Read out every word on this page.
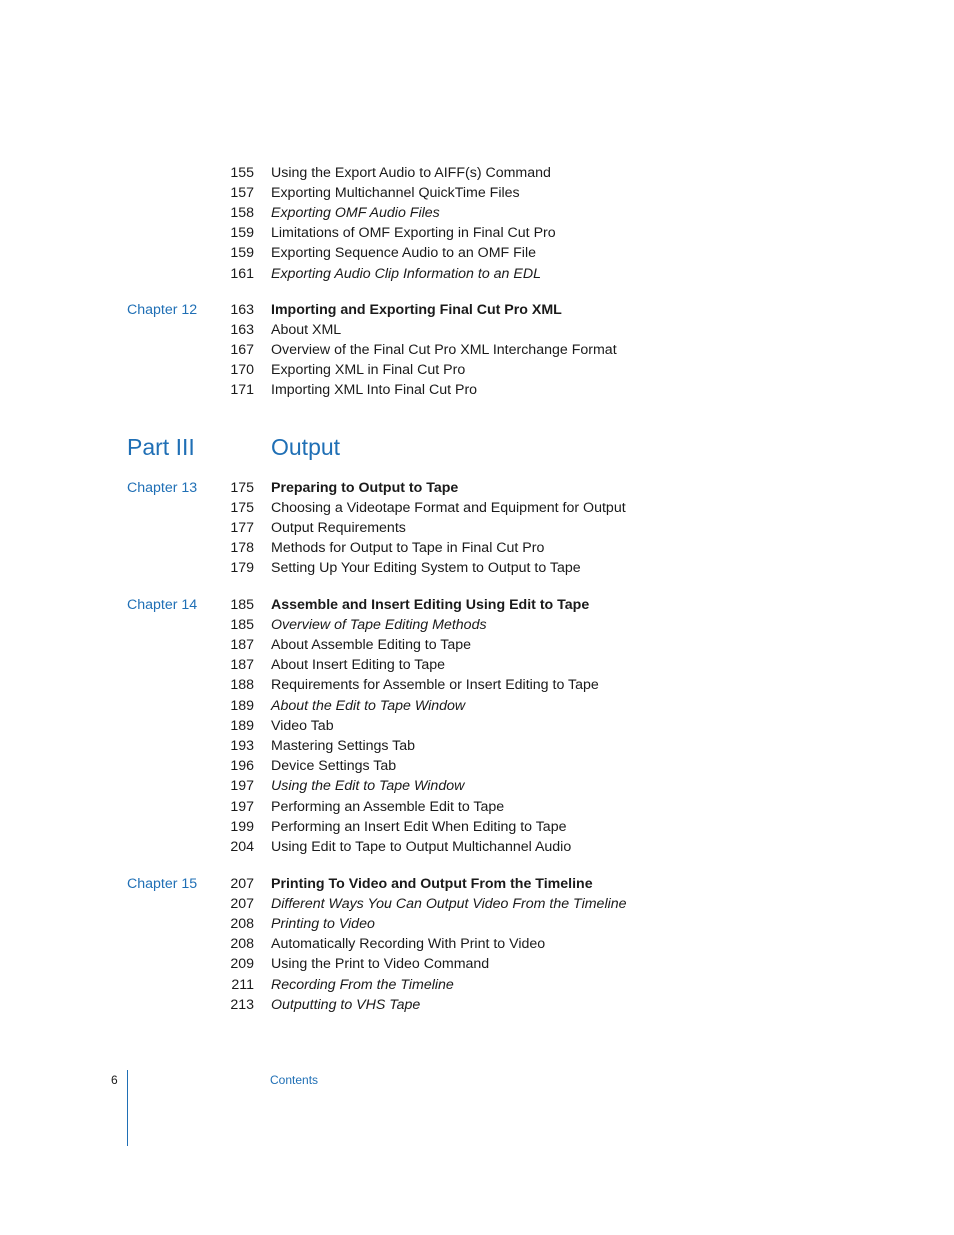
155 Using the Export Audio to AIFF(s) Command
157 Exporting Multichannel QuickTime Files
158 Exporting OMF Audio Files
159 Limitations of OMF Exporting in Final Cut Pro
159 Exporting Sequence Audio to an OMF File
161 Exporting Audio Clip Information to an EDL
Chapter 12 163 Importing and Exporting Final Cut Pro XML
163 About XML
167 Overview of the Final Cut Pro XML Interchange Format
170 Exporting XML in Final Cut Pro
171 Importing XML Into Final Cut Pro
Chapter 13 175 Preparing to Output to Tape
175 Choosing a Videotape Format and Equipment for Output
177 Output Requirements
178 Methods for Output to Tape in Final Cut Pro
179 Setting Up Your Editing System to Output to Tape
Chapter 14 185 Assemble and Insert Editing Using Edit to Tape
185 Overview of Tape Editing Methods
187 About Assemble Editing to Tape
187 About Insert Editing to Tape
188 Requirements for Assemble or Insert Editing to Tape
189 About the Edit to Tape Window
189 Video Tab
193 Mastering Settings Tab
196 Device Settings Tab
197 Using the Edit to Tape Window
197 Performing an Assemble Edit to Tape
199 Performing an Insert Edit When Editing to Tape
204 Using Edit to Tape to Output Multichannel Audio
Chapter 15 207 Printing To Video and Output From the Timeline
207 Different Ways You Can Output Video From the Timeline
208 Printing to Video
208 Automatically Recording With Print to Video
209 Using the Print to Video Command
211 Recording From the Timeline
213 Outputting to VHS Tape
Part III	Output
6	Contents
